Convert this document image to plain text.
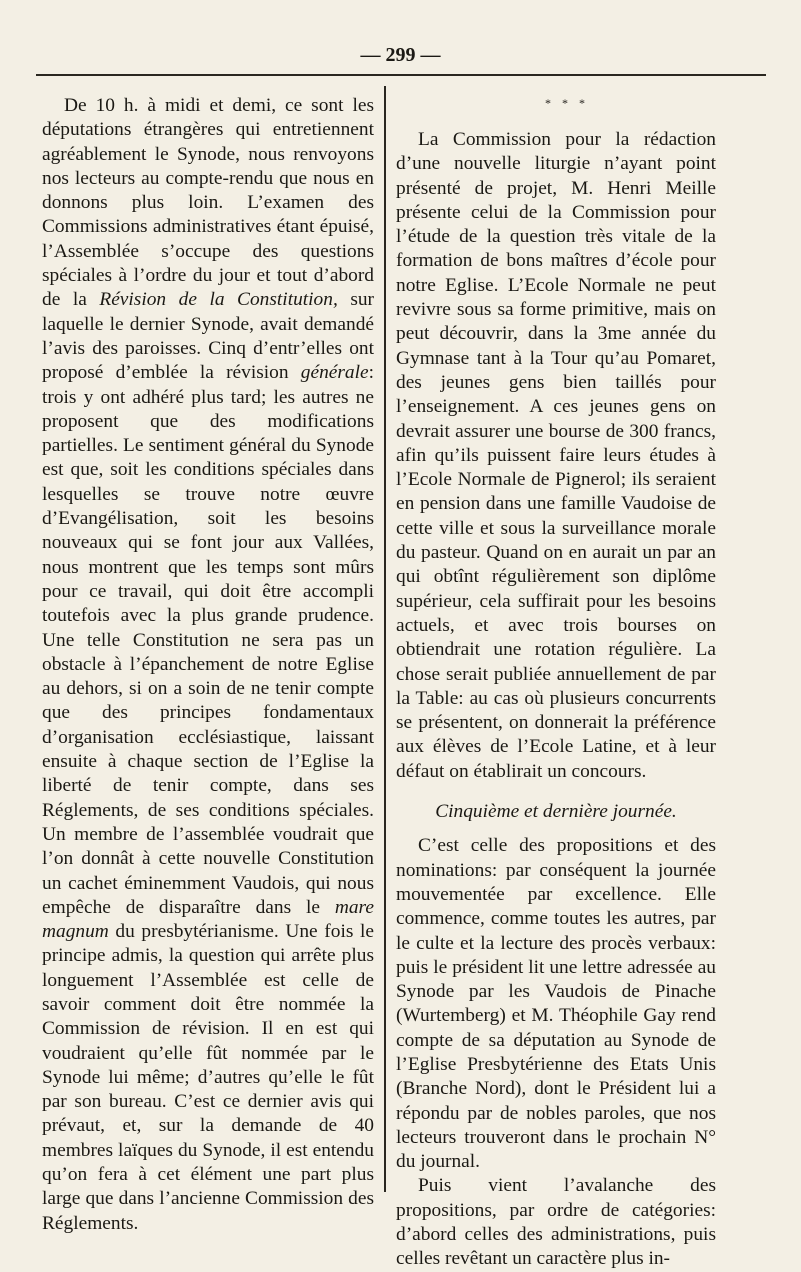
— 299 —

De 10 h. à midi et demi, ce sont les députations étrangères qui entretiennent agréablement le Synode, nous renvoyons nos lecteurs au compte-rendu que nous en donnons plus loin. L’examen des Commissions administratives étant épuisé, l’Assemblée s’occupe des questions spéciales à l’ordre du jour et tout d’abord de la Révision de la Constitution, sur laquelle le dernier Synode, avait demandé l’avis des paroisses. Cinq d’entr’elles ont proposé d’emblée la révision générale: trois y ont adhéré plus tard; les autres ne proposent que des modifications partielles. Le sentiment général du Synode est que, soit les conditions spéciales dans lesquelles se trouve notre œuvre d’Evangélisation, soit les besoins nouveaux qui se font jour aux Vallées, nous montrent que les temps sont mûrs pour ce travail, qui doit être accompli toutefois avec la plus grande prudence. Une telle Constitution ne sera pas un obstacle à l’épanchement de notre Eglise au dehors, si on a soin de ne tenir compte que des principes fondamentaux d’organisation ecclésiastique, laissant ensuite à chaque section de l’Eglise la liberté de tenir compte, dans ses Réglements, de ses conditions spéciales. Un membre de l’assemblée voudrait que l’on donnât à cette nouvelle Constitution un cachet éminemment Vaudois, qui nous empêche de disparaître dans le mare magnum du presbytérianisme. Une fois le principe admis, la question qui arrête plus longuement l’Assemblée est celle de savoir comment doit être nommée la Commission de révision. Il en est qui voudraient qu’elle fût nommée par le Synode lui même; d’autres qu’elle le fût par son bureau. C’est ce dernier avis qui prévaut, et, sur la demande de 40 membres laïques du Synode, il est entendu qu’on fera à cet élément une part plus large que dans l’ancienne Commission des Réglements.

* * *

La Commission pour la rédaction d’une nouvelle liturgie n’ayant point présenté de projet, M. Henri Meille présente celui de la Commission pour l’étude de la question très vitale de la formation de bons maîtres d’école pour notre Eglise. L’Ecole Normale ne peut revivre sous sa forme primitive, mais on peut découvrir, dans la 3me année du Gymnase tant à la Tour qu’au Pomaret, des jeunes gens bien taillés pour l’enseignement. A ces jeunes gens on devrait assurer une bourse de 300 francs, afin qu’ils puissent faire leurs études à l’Ecole Normale de Pignerol; ils seraient en pension dans une famille Vaudoise de cette ville et sous la surveillance morale du pasteur. Quand on en aurait un par an qui obtînt régulièrement son diplôme supérieur, cela suffirait pour les besoins actuels, et avec trois bourses on obtiendrait une rotation régulière. La chose serait publiée annuellement de par la Table: au cas où plusieurs concurrents se présentent, on donnerait la préférence aux élèves de l’Ecole Latine, et à leur défaut on établirait un concours.

Cinquième et dernière journée.

C’est celle des propositions et des nominations: par conséquent la journée mouvementée par excellence. Elle commence, comme toutes les autres, par le culte et la lecture des procès verbaux: puis le président lit une lettre adressée au Synode par les Vaudois de Pinache (Wurtemberg) et M. Théophile Gay rend compte de sa députation au Synode de l’Eglise Presbytérienne des Etats Unis (Branche Nord), dont le Président lui a répondu par de nobles paroles, que nos lecteurs trouveront dans le prochain N° du journal.

Puis vient l’avalanche des propositions, par ordre de catégories: d’abord celles des administrations, puis celles revêtant un caractère plus in-
